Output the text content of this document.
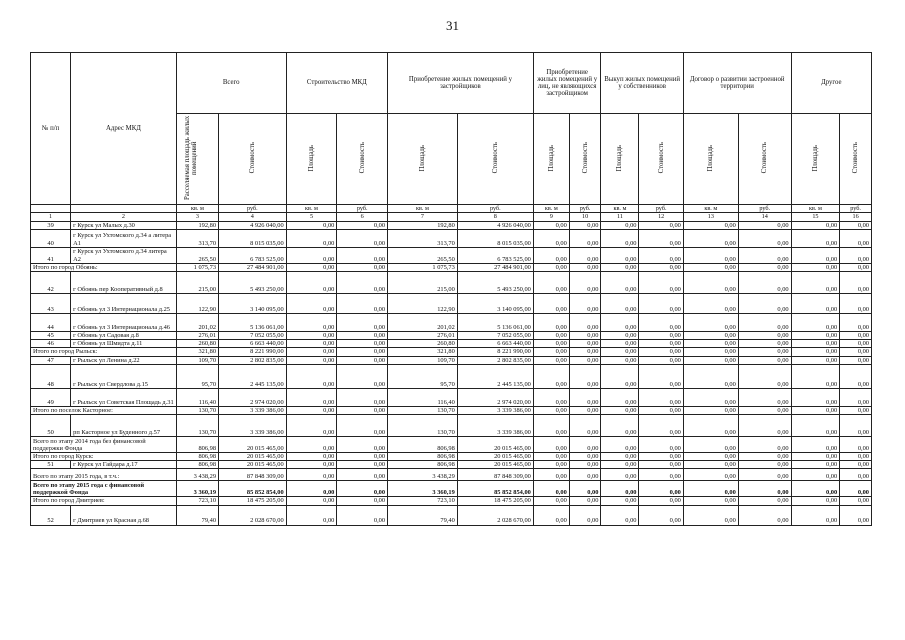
31
№ п/п	Адрес МКД	Всего		Строительство МКД		Приобретение жилых помещений у застройщиков		Приобретение жилых помещений у лиц, не являющихся застройщиком		Выкуп жилых помещений у собственников		Договор о развитии застроенной территории		Другое	
		Расселяемая площадь жилых помещений	Стоимость	Площадь	Стоимость	Площадь	Стоимость	Площадь	Стоимость	Площадь	Стоимость	Площадь	Стоимость	Площадь	Стоимость
		кв. м	руб.	кв. м	руб.	кв. м	руб.	кв. м	руб.	кв. м	руб.	кв. м	руб.	кв. м	руб.
1	2	3	4	5	6	7	8	9	10	11	12	13	14	15	16
39	г Курск ул Малых д.30	192,80	4 926 040,00	0,00	0,00	192,80	4 926 040,00	0,00	0,00	0,00	0,00	0,00	0,00	0,00	0,00
40	г Курск ул Ухтомского д.34 а литера А1	313,70	8 015 035,00	0,00	0,00	313,70	8 015 035,00	0,00	0,00	0,00	0,00	0,00	0,00	0,00	0,00
41	г Курск ул Ухтомского д.34 литера А2	265,50	6 783 525,00	0,00	0,00	265,50	6 783 525,00	0,00	0,00	0,00	0,00	0,00	0,00	0,00	0,00
Итого по город Обоянь:		1 075,73	27 484 901,00	0,00	0,00	1 075,73	27 484 901,00	0,00	0,00	0,00	0,00	0,00	0,00	0,00	0,00
42	г Обоянь пер Кооперативный д.8	215,00	5 493 250,00	0,00	0,00	215,00	5 493 250,00	0,00	0,00	0,00	0,00	0,00	0,00	0,00	0,00
43	г Обоянь ул 3 Интернационала д.25	122,90	3 140 095,00	0,00	0,00	122,90	3 140 095,00	0,00	0,00	0,00	0,00	0,00	0,00	0,00	0,00
44	г Обоянь ул 3 Интернационала д.46	201,02	5 136 061,00	0,00	0,00	201,02	5 136 061,00	0,00	0,00	0,00	0,00	0,00	0,00	0,00	0,00
45	г Обоянь ул Садовая д.8	276,01	7 052 055,00	0,00	0,00	276,01	7 052 055,00	0,00	0,00	0,00	0,00	0,00	0,00	0,00	0,00
46	г Обоянь ул Шмидта д.11	260,80	6 663 440,00	0,00	0,00	260,80	6 663 440,00	0,00	0,00	0,00	0,00	0,00	0,00	0,00	0,00
Итого по город Рыльск:		321,80	8 221 990,00	0,00	0,00	321,80	8 221 990,00	0,00	0,00	0,00	0,00	0,00	0,00	0,00	0,00
47	г Рыльск ул Ленина д.22	109,70	2 802 835,00	0,00	0,00	109,70	2 802 835,00	0,00	0,00	0,00	0,00	0,00	0,00	0,00	0,00
48	г Рыльск ул Свердлова д.15	95,70	2 445 135,00	0,00	0,00	95,70	2 445 135,00	0,00	0,00	0,00	0,00	0,00	0,00	0,00	0,00
49	г Рыльск ул Советская Площадь д.31	116,40	2 974 020,00	0,00	0,00	116,40	2 974 020,00	0,00	0,00	0,00	0,00	0,00	0,00	0,00	0,00
Итого по поселок Касторное:		130,70	3 339 386,00	0,00	0,00	130,70	3 339 386,00	0,00	0,00	0,00	0,00	0,00	0,00	0,00	0,00
50	рп Касторное ул Буденного д.57	130,70	3 339 386,00	0,00	0,00	130,70	3 339 386,00	0,00	0,00	0,00	0,00	0,00	0,00	0,00	0,00
Всего по этапу 2014 года без финансовой поддержки Фонда		806,98	20 015 465,00	0,00	0,00	806,98	20 015 465,00	0,00	0,00	0,00	0,00	0,00	0,00	0,00	0,00
Итого по город Курск:		806,98	20 015 465,00	0,00	0,00	806,98	20 015 465,00	0,00	0,00	0,00	0,00	0,00	0,00	0,00	0,00
51	г Курск ул Гайдара д.17	806,98	20 015 465,00	0,00	0,00	806,98	20 015 465,00	0,00	0,00	0,00	0,00	0,00	0,00	0,00	0,00
Всего по этапу 2015 года, в т.ч.:		3 438,29	87 848 309,00	0,00	0,00	3 438,29	87 848 309,00	0,00	0,00	0,00	0,00	0,00	0,00	0,00	0,00
Всего по этапу 2015 года с финансовой поддержкой Фонда		3 360,19	85 852 854,00	0,00	0,00	3 360,19	85 852 854,00	0,00	0,00	0,00	0,00	0,00	0,00	0,00	0,00
Итого по город Дмитриев:		723,10	18 475 205,00	0,00	0,00	723,10	18 475 205,00	0,00	0,00	0,00	0,00	0,00	0,00	0,00	0,00
52	г Дмитриев ул Красная д.68	79,40	2 028 670,00	0,00	0,00	79,40	2 028 670,00	0,00	0,00	0,00	0,00	0,00	0,00	0,00	0,00
